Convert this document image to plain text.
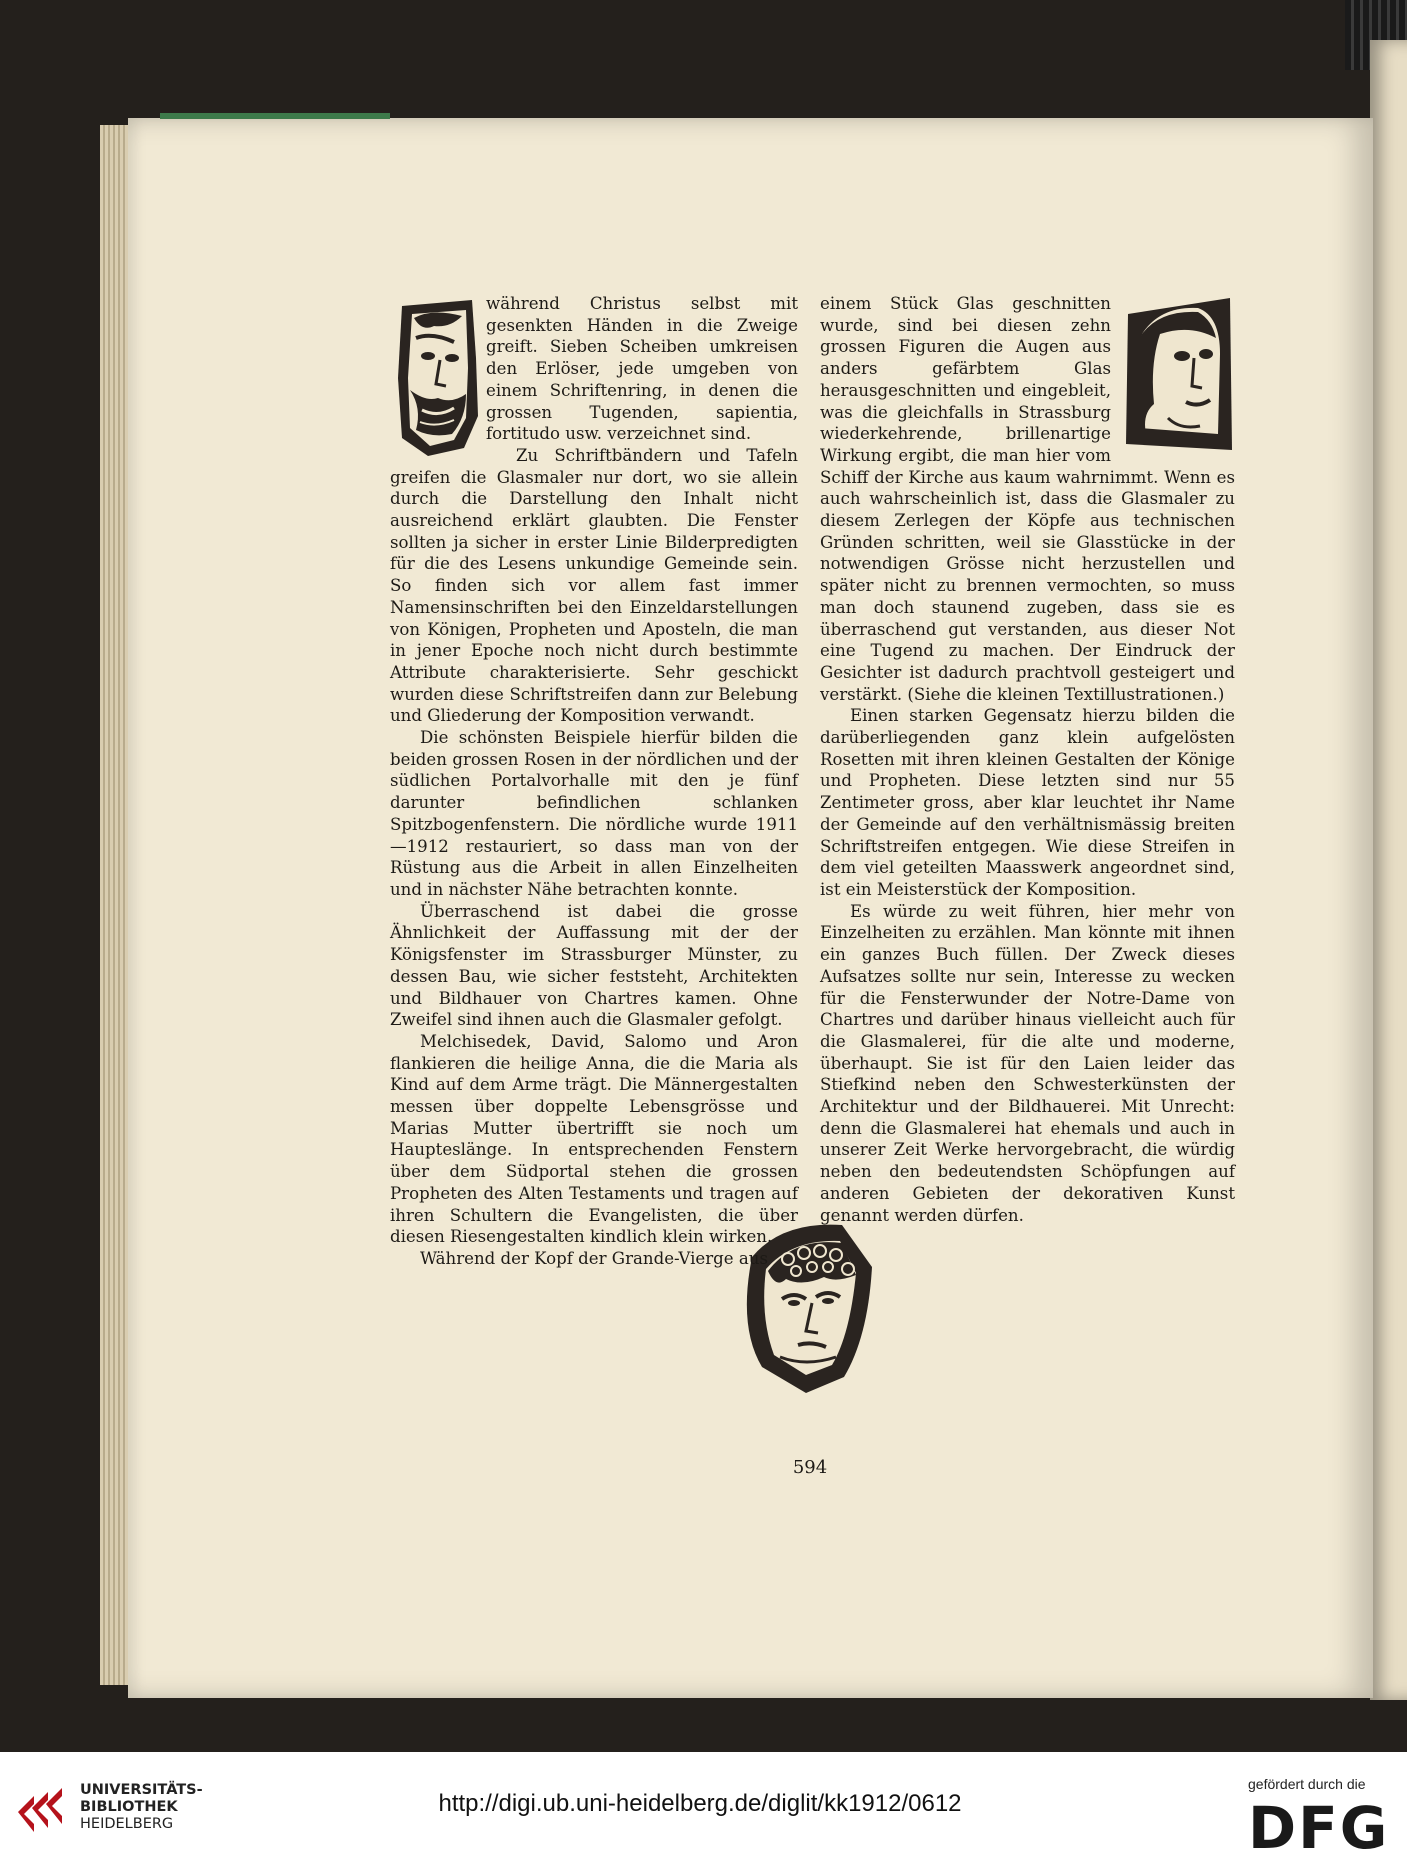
während Christus selbst mit gesenkten Händen in die Zweige greift. Sieben Scheiben umkreisen den Erlöser, jede umgeben von einem Schriftenring, in denen die grossen Tugenden, sapientia, fortitudo usw. verzeichnet sind.

Zu Schriftbändern und Tafeln greifen die Glasmaler nur dort, wo sie allein durch die Darstellung den Inhalt nicht ausreichend erklärt glaubten. Die Fenster sollten ja sicher in erster Linie Bilderpredigten für die des Lesens unkundige Gemeinde sein. So finden sich vor allem fast immer Namensinschriften bei den Einzeldarstellungen von Königen, Propheten und Aposteln, die man in jener Epoche noch nicht durch bestimmte Attribute charakterisierte. Sehr geschickt wurden diese Schriftstreifen dann zur Belebung und Gliederung der Komposition verwandt.

Die schönsten Beispiele hierfür bilden die beiden grossen Rosen in der nördlichen und der südlichen Portalvorhalle mit den je fünf darunter befindlichen schlanken Spitzbogenfenstern. Die nördliche wurde 1911—1912 restauriert, so dass man von der Rüstung aus die Arbeit in allen Einzelheiten und in nächster Nähe betrachten konnte.

Überraschend ist dabei die grosse Ähnlichkeit der Auffassung mit der der Königsfenster im Strassburger Münster, zu dessen Bau, wie sicher feststeht, Architekten und Bildhauer von Chartres kamen. Ohne Zweifel sind ihnen auch die Glasmaler gefolgt.

Melchisedek, David, Salomo und Aron flankieren die heilige Anna, die die Maria als Kind auf dem Arme trägt. Die Männergestalten messen über doppelte Lebensgrösse und Marias Mutter übertrifft sie noch um Haupteslänge. In entsprechenden Fenstern über dem Südportal stehen die grossen Propheten des Alten Testaments und tragen auf ihren Schultern die Evangelisten, die über diesen Riesengestalten kindlich klein wirken.

Während der Kopf der Grande-Vierge aus

einem Stück Glas geschnitten wurde, sind bei diesen zehn grossen Figuren die Augen aus anders gefärbtem Glas herausgeschnitten und eingebleit, was die gleichfalls in Strassburg wiederkehrende, brillenartige Wirkung ergibt, die man hier vom Schiff der Kirche aus kaum wahrnimmt. Wenn es auch wahrscheinlich ist, dass die Glasmaler zu diesem Zerlegen der Köpfe aus technischen Gründen schritten, weil sie Glasstücke in der notwendigen Grösse nicht herzustellen und später nicht zu brennen vermochten, so muss man doch staunend zugeben, dass sie es überraschend gut verstanden, aus dieser Not eine Tugend zu machen. Der Eindruck der Gesichter ist dadurch prachtvoll gesteigert und verstärkt. (Siehe die kleinen Textillustrationen.)

Einen starken Gegensatz hierzu bilden die darüberliegenden ganz klein aufgelösten Rosetten mit ihren kleinen Gestalten der Könige und Propheten. Diese letzten sind nur 55 Zentimeter gross, aber klar leuchtet ihr Name der Gemeinde auf den verhältnismässig breiten Schriftstreifen entgegen. Wie diese Streifen in dem viel geteilten Maasswerk angeordnet sind, ist ein Meisterstück der Komposition.

Es würde zu weit führen, hier mehr von Einzelheiten zu erzählen. Man könnte mit ihnen ein ganzes Buch füllen. Der Zweck dieses Aufsatzes sollte nur sein, Interesse zu wecken für die Fensterwunder der Notre-Dame von Chartres und darüber hinaus vielleicht auch für die Glasmalerei, für die alte und moderne, überhaupt. Sie ist für den Laien leider das Stiefkind neben den Schwesterkünsten der Architektur und der Bildhauerei. Mit Unrecht: denn die Glasmalerei hat ehemals und auch in unserer Zeit Werke hervorgebracht, die würdig neben den bedeutendsten Schöpfungen auf anderen Gebieten der dekorativen Kunst genannt werden dürfen.

594
UNIVERSITÄTS-
BIBLIOTHEK
HEIDELBERG
http://digi.ub.uni-heidelberg.de/diglit/kk1912/0612
gefördert durch die
DFG
